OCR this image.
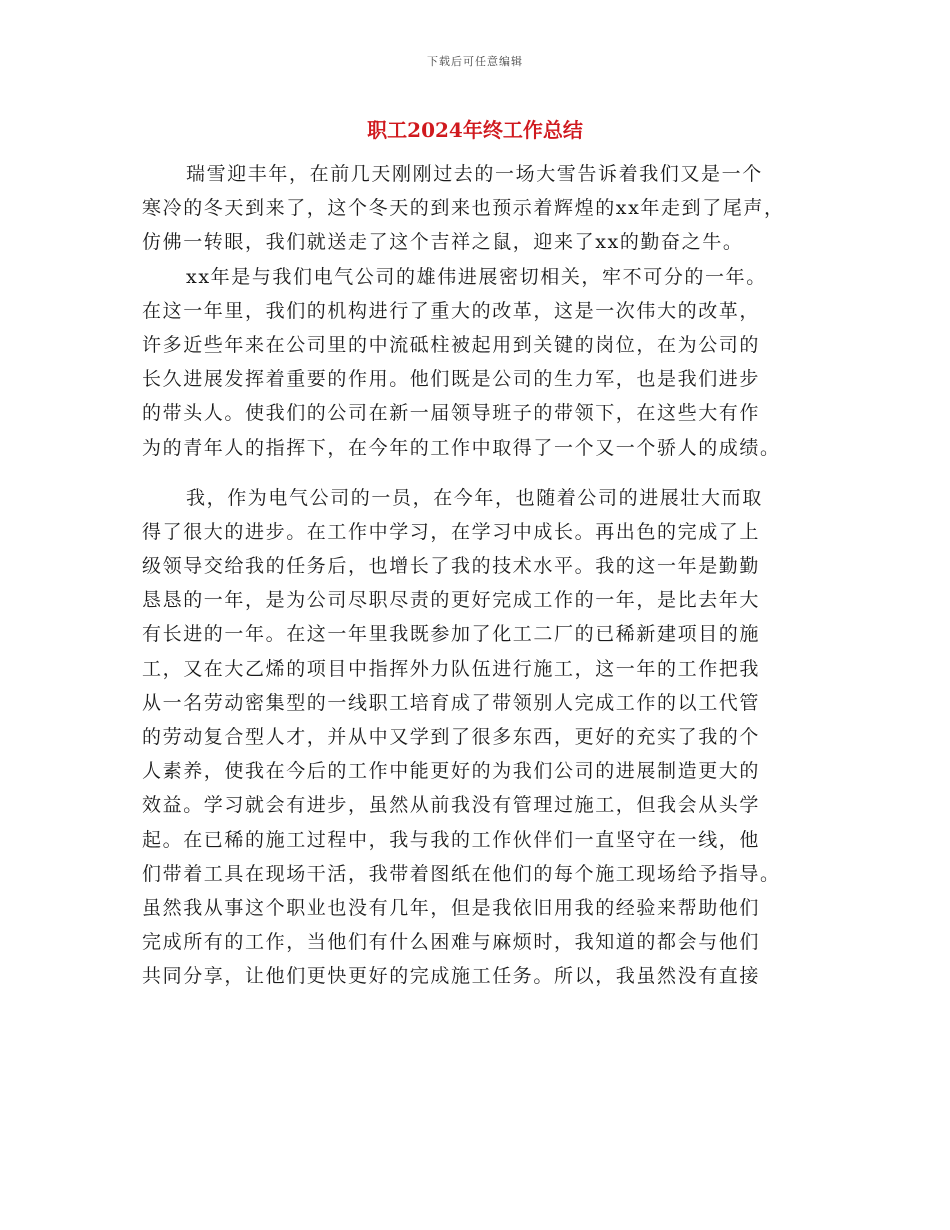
下载后可任意编辑
职工2024年终工作总结
瑞雪迎丰年，在前几天刚刚过去的一场大雪告诉着我们又是一个
寒冷的冬天到来了，这个冬天的到来也预示着辉煌的xx年走到了尾声，
仿佛一转眼，我们就送走了这个吉祥之鼠，迎来了xx的勤奋之牛。
xx年是与我们电气公司的雄伟进展密切相关，牢不可分的一年。
在这一年里，我们的机构进行了重大的改革，这是一次伟大的改革，
许多近些年来在公司里的中流砥柱被起用到关键的岗位，在为公司的
长久进展发挥着重要的作用。他们既是公司的生力军，也是我们进步
的带头人。使我们的公司在新一届领导班子的带领下，在这些大有作
为的青年人的指挥下，在今年的工作中取得了一个又一个骄人的成绩。
我，作为电气公司的一员，在今年，也随着公司的进展壮大而取
得了很大的进步。在工作中学习，在学习中成长。再出色的完成了上
级领导交给我的任务后，也增长了我的技术水平。我的这一年是勤勤
恳恳的一年，是为公司尽职尽责的更好完成工作的一年，是比去年大
有长进的一年。在这一年里我既参加了化工二厂的已稀新建项目的施
工，又在大乙烯的项目中指挥外力队伍进行施工，这一年的工作把我
从一名劳动密集型的一线职工培育成了带领别人完成工作的以工代管
的劳动复合型人才，并从中又学到了很多东西，更好的充实了我的个
人素养，使我在今后的工作中能更好的为我们公司的进展制造更大的
效益。学习就会有进步，虽然从前我没有管理过施工，但我会从头学
起。在已稀的施工过程中，我与我的工作伙伴们一直坚守在一线，他
们带着工具在现场干活，我带着图纸在他们的每个施工现场给予指导。
虽然我从事这个职业也没有几年，但是我依旧用我的经验来帮助他们
完成所有的工作，当他们有什么困难与麻烦时，我知道的都会与他们
共同分享，让他们更快更好的完成施工任务。所以，我虽然没有直接
